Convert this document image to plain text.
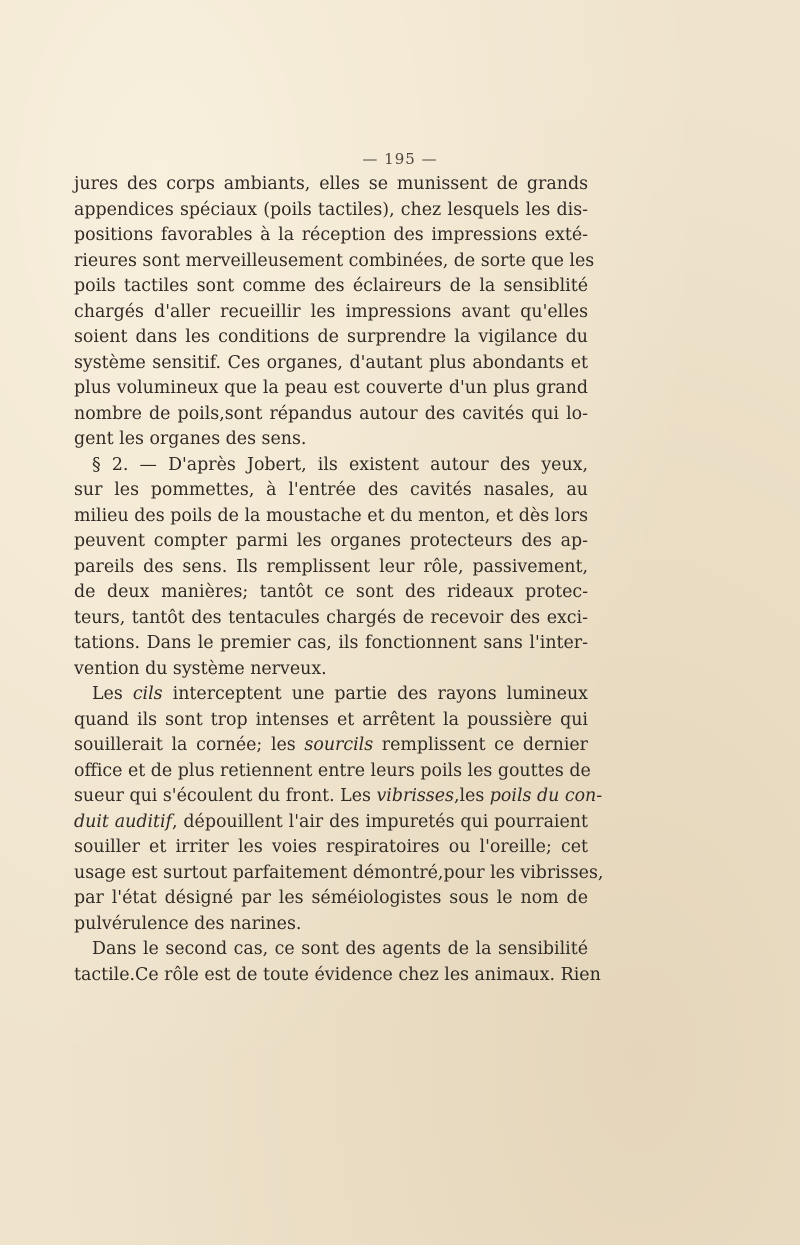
— 195 —
jures des corps ambiants, elles se munissent de grands
appendices spéciaux (poils tactiles), chez lesquels les dis-
positions favorables à la réception des impressions exté-
rieures sont merveilleusement combinées, de sorte que les
poils tactiles sont comme des éclaireurs de la sensiblité
chargés d'aller recueillir les impressions avant qu'elles
soient dans les conditions de surprendre la vigilance du
système sensitif. Ces organes, d'autant plus abondants et
plus volumineux que la peau est couverte d'un plus grand
nombre de poils,sont répandus autour des cavités qui lo-
gent les organes des sens.
§ 2. — D'après Jobert, ils existent autour des yeux,
sur les pommettes, à l'entrée des cavités nasales, au
milieu des poils de la moustache et du menton, et dès lors
peuvent compter parmi les organes protecteurs des ap-
pareils des sens. Ils remplissent leur rôle, passivement,
de deux manières; tantôt ce sont des rideaux protec-
teurs, tantôt des tentacules chargés de recevoir des exci-
tations. Dans le premier cas, ils fonctionnent sans l'inter-
vention du système nerveux.
Les cils interceptent une partie des rayons lumineux
quand ils sont trop intenses et arrêtent la poussière qui
souillerait la cornée; les sourcils remplissent ce dernier
office et de plus retiennent entre leurs poils les gouttes de
sueur qui s'écoulent du front. Les vibrisses,les poils du con-
duit auditif, dépouillent l'air des impuretés qui pourraient
souiller et irriter les voies respiratoires ou l'oreille; cet
usage est surtout parfaitement démontré,pour les vibrisses,
par l'état désigné par les séméiologistes sous le nom de
pulvérulence des narines.
Dans le second cas, ce sont des agents de la sensibilité
tactile.Ce rôle est de toute évidence chez les animaux. Rien
